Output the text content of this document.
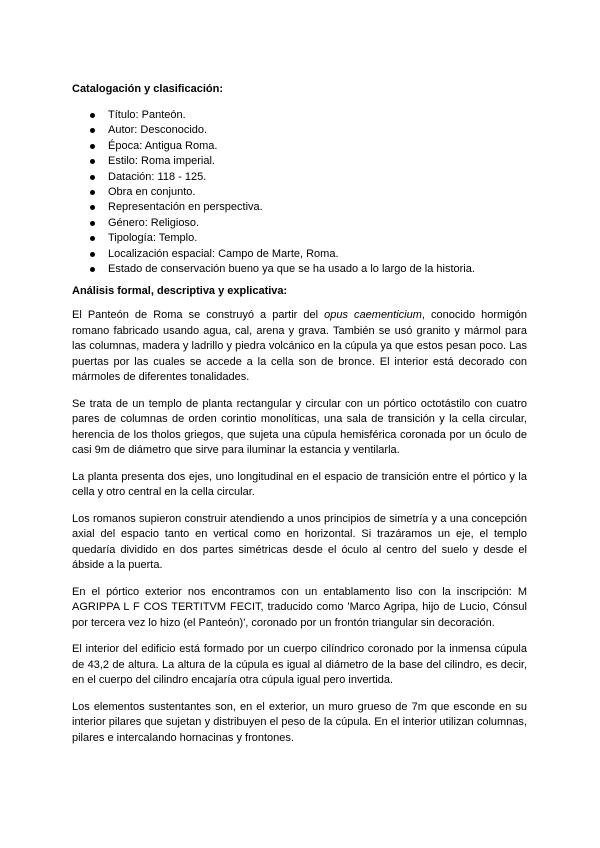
Catalogación y clasificación:
Título: Panteón.
Autor: Desconocido.
Época: Antigua Roma.
Estilo: Roma imperial.
Datación: 118 - 125.
Obra en conjunto.
Representación en perspectiva.
Género: Religioso.
Tipología: Templo.
Localización espacial: Campo de Marte, Roma.
Estado de conservación bueno ya que se ha usado a lo largo de la historia.
Análisis formal, descriptiva y explicativa:

El Panteón de Roma se construyó a partir del opus caementicium, conocido hormigón romano fabricado usando agua, cal, arena y grava. También se usó granito y mármol para las columnas, madera y ladrillo y piedra volcánico en la cúpula ya que estos pesan poco. Las puertas por las cuales se accede a la cella son de bronce. El interior está decorado con mármoles de diferentes tonalidades.

Se trata de un templo de planta rectangular y circular con un pórtico octotástilo con cuatro pares de columnas de orden corintio monolíticas, una sala de transición y la cella circular, herencia de los tholos griegos, que sujeta una cúpula hemisférica coronada por un óculo de casi 9m de diámetro que sirve para iluminar la estancia y ventilarla.

La planta presenta dos ejes, uno longitudinal en el espacio de transición entre el pórtico y la cella y otro central en la cella circular.

Los romanos supieron construir atendiendo a unos principios de simetría y a una concepción axial del espacio tanto en vertical como en horizontal. Si trazáramos un eje, el templo quedaría dividido en dos partes simétricas desde el óculo al centro del suelo y desde el ábside a la puerta.

En el pórtico exterior nos encontramos con un entablamento liso con la inscripción: M AGRIPPA L F COS TERTITVM FECIT, traducido como 'Marco Agripa, hijo de Lucio, Cónsul por tercera vez lo hizo (el Panteón)', coronado por un frontón triangular sin decoración.

El interior del edificio está formado por un cuerpo cilíndrico coronado por la inmensa cúpula de 43,2 de altura. La altura de la cúpula es igual al diámetro de la base del cilindro, es decir, en el cuerpo del cilindro encajaría otra cúpula igual pero invertida.

Los elementos sustentantes son, en el exterior, un muro grueso de 7m que esconde en su interior pilares que sujetan y distribuyen el peso de la cúpula. En el interior utilizan columnas, pilares e intercalando hornacinas y frontones.
